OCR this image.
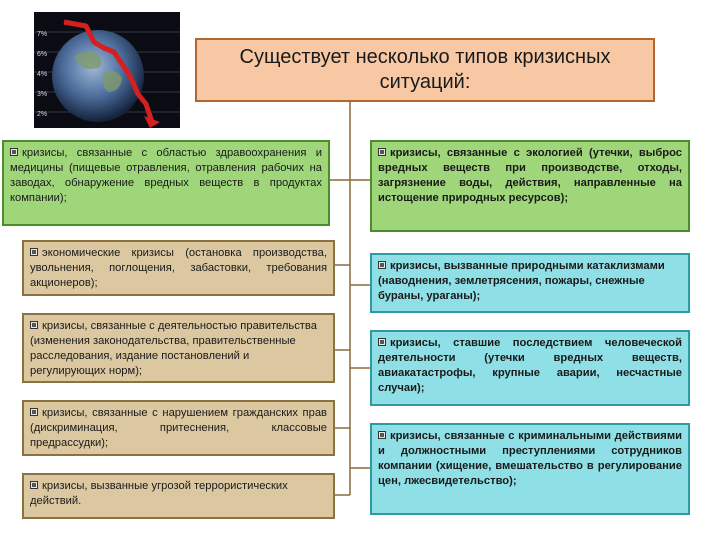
7%
6%
4%
3%
2%
Существует несколько типов кризисных ситуаций:
кризисы, связанные с областью здравоохранения и медицины (пищевые отравления, отравления рабочих на заводах, обнаружение вредных веществ в продуктах компании);
экономические кризисы (остановка производства, увольнения, поглощения, забастовки, требования акционеров);
кризисы, связанные с деятельностью правительства (изменения законодательства, правительственные расследования, издание постановлений и регулирующих норм);
кризисы, связанные с нарушением гражданских прав (дискриминация, притеснения, классовые предрассудки);
кризисы, вызванные угрозой террористических действий.
кризисы, связанные с экологией (утечки, выброс вредных веществ при производстве, отходы, загрязнение воды, действия, направленные на истощение природных ресурсов);
кризисы, вызванные природными катаклизмами (наводнения, землетрясения, пожары, снежные бураны, ураганы);
кризисы, ставшие последствием человеческой деятельности (утечки вредных веществ, авиакатастрофы, крупные аварии, несчастные случаи);
кризисы, связанные с криминальными действиями и должностными преступлениями сотрудников компании (хищение, вмешательство в регулирование цен, лжесвидетельство);
